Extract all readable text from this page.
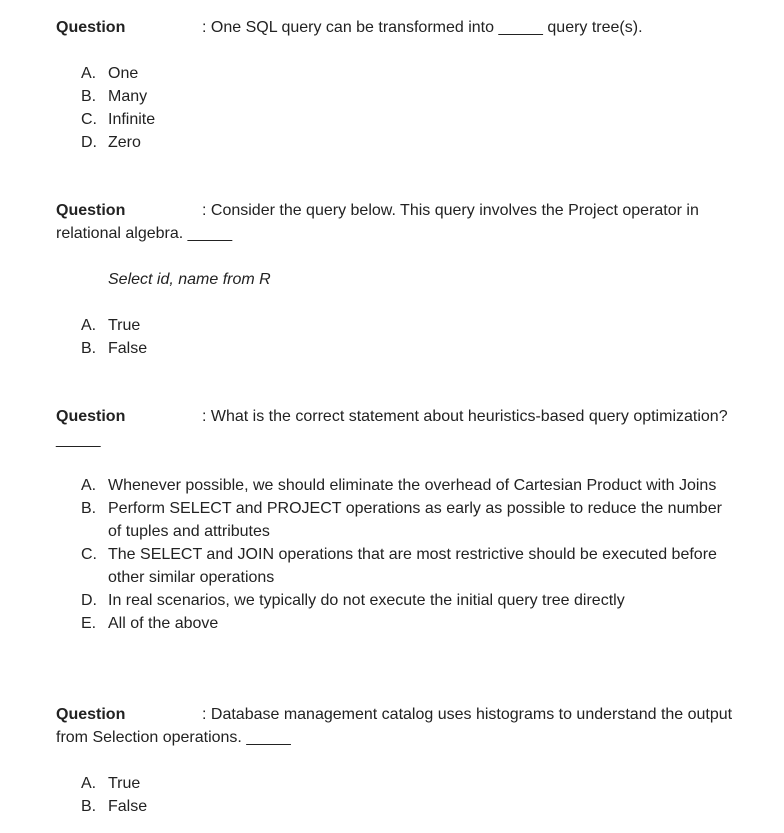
Question	: One SQL query can be transformed into _____ query tree(s).
A. One
B. Many
C. Infinite
D. Zero
Question	: Consider the query below. This query involves the Project operator in relational algebra. _____
Select id, name from R
A. True
B. False
Question	: What is the correct statement about heuristics-based query optimization? _____
A. Whenever possible, we should eliminate the overhead of Cartesian Product with Joins
B. Perform SELECT and PROJECT operations as early as possible to reduce the number of tuples and attributes
C. The SELECT and JOIN operations that are most restrictive should be executed before other similar operations
D. In real scenarios, we typically do not execute the initial query tree directly
E. All of the above
Question	: Database management catalog uses histograms to understand the output from Selection operations. _____
A. True
B. False
